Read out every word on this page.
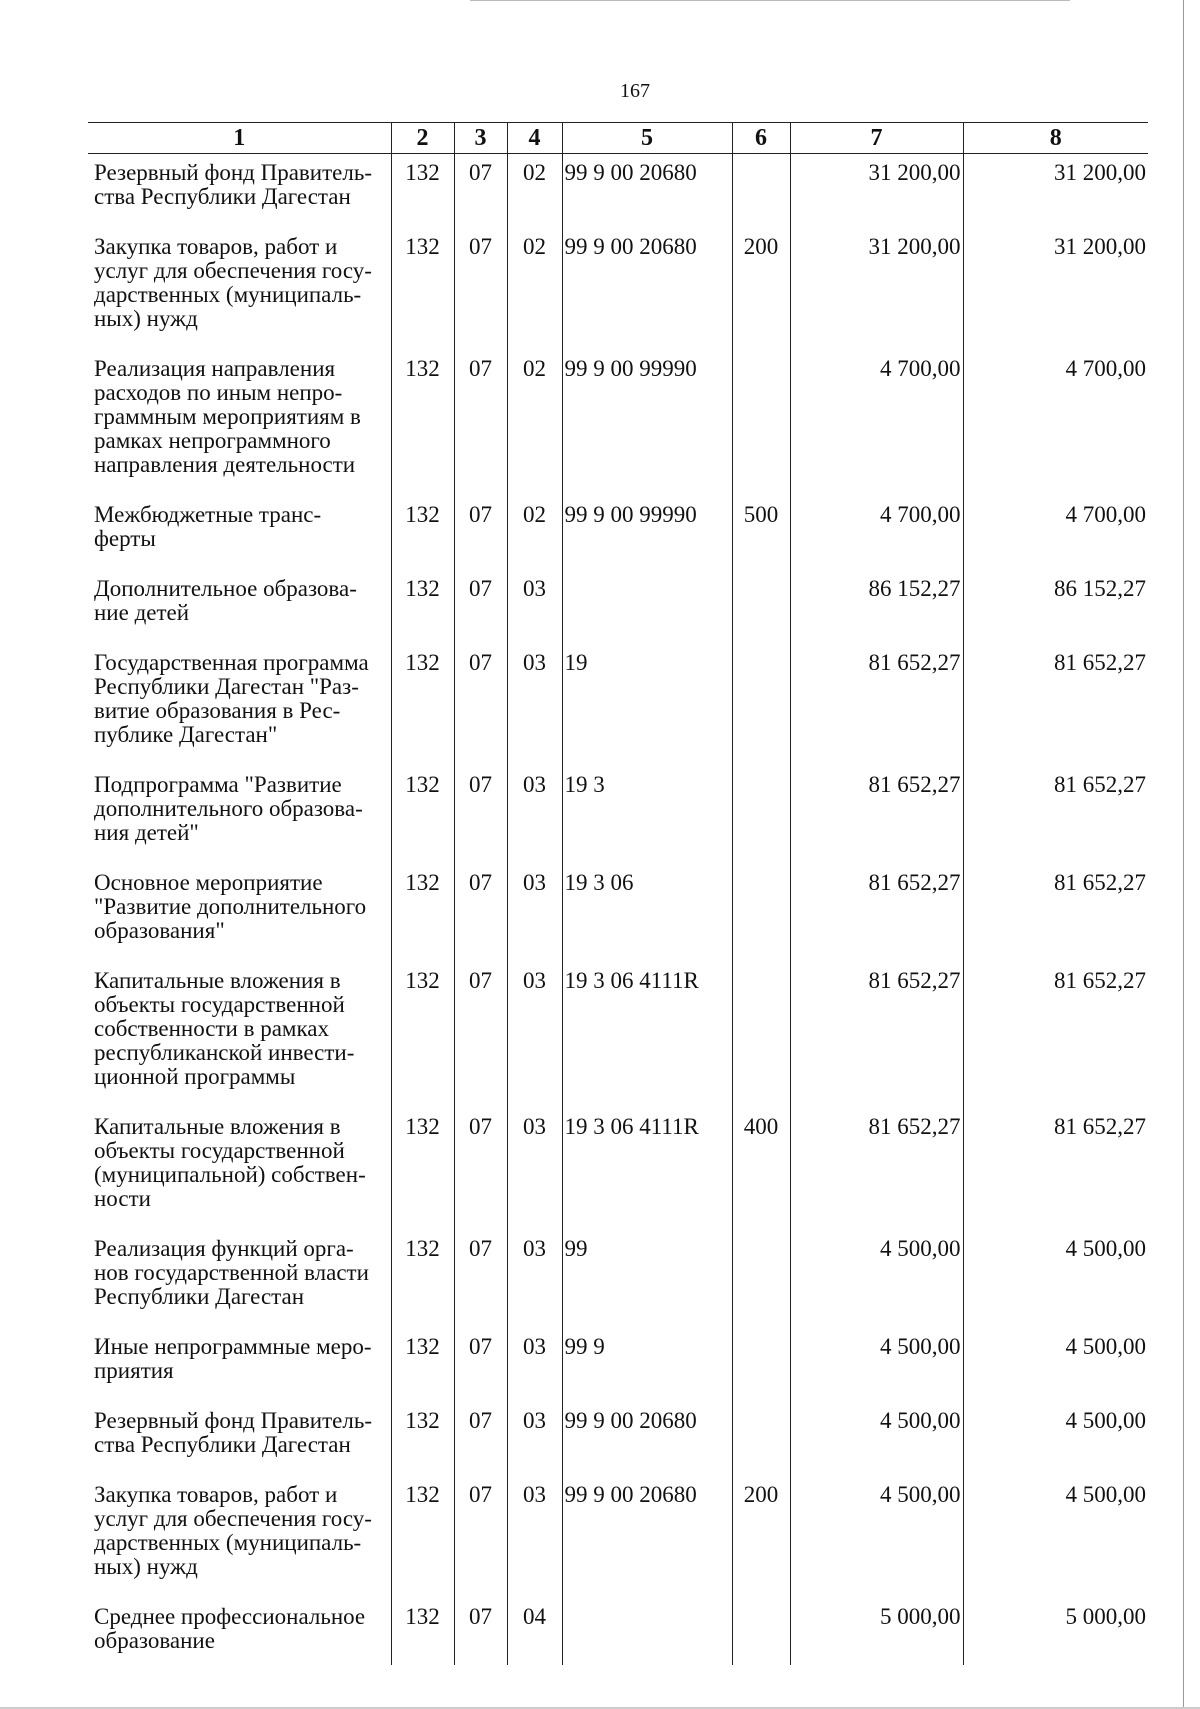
167
1	2	3	4	5	6	7	8

Резервный фонд Правитель-
ства Республики Дагестан	132	07	02	99 9 00 20680		31 200,00	31 200,00

Закупка товаров, работ и
услуг для обеспечения госу-
дарственных (муниципаль-
ных) нужд	132	07	02	99 9 00 20680	200	31 200,00	31 200,00

Реализация направления
расходов по иным непро-
граммным мероприятиям в
рамках непрограммного
направления деятельности	132	07	02	99 9 00 99990		4 700,00	4 700,00

Межбюджетные транс-
ферты	132	07	02	99 9 00 99990	500	4 700,00	4 700,00

Дополнительное образова-
ние детей	132	07	03			86 152,27	86 152,27

Государственная программа
Республики Дагестан "Раз-
витие образования в Рес-
публике Дагестан"	132	07	03	19		81 652,27	81 652,27

Подпрограмма "Развитие
дополнительного образова-
ния детей"	132	07	03	19 3		81 652,27	81 652,27

Основное мероприятие
"Развитие дополнительного
образования"	132	07	03	19 3 06		81 652,27	81 652,27

Капитальные вложения в
объекты государственной
собственности в рамках
республиканской инвести-
ционной программы	132	07	03	19 3 06 4111R		81 652,27	81 652,27

Капитальные вложения в
объекты государственной
(муниципальной) собствен-
ности	132	07	03	19 3 06 4111R	400	81 652,27	81 652,27

Реализация функций орга-
нов государственной власти
Республики Дагестан	132	07	03	99		4 500,00	4 500,00

Иные непрограммные меро-
приятия	132	07	03	99 9		4 500,00	4 500,00

Резервный фонд Правитель-
ства Республики Дагестан	132	07	03	99 9 00 20680		4 500,00	4 500,00

Закупка товаров, работ и
услуг для обеспечения госу-
дарственных (муниципаль-
ных) нужд	132	07	03	99 9 00 20680	200	4 500,00	4 500,00

Среднее профессиональное
образование	132	07	04			5 000,00	5 000,00
